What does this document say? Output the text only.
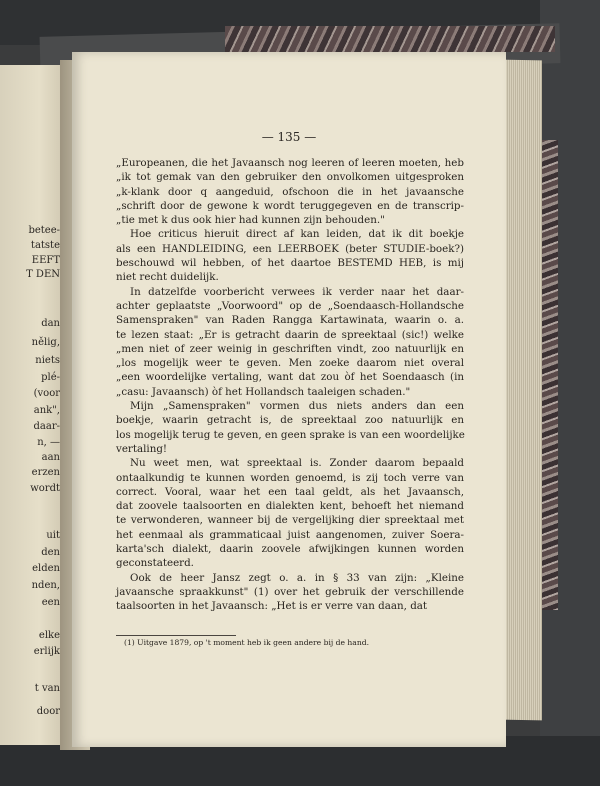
betee-
tatste
EEFT
T DEN
dan
nělig,
niets
plé-
(voor
ank",
daar-
n, —
aan
erzen
wordt
uit
den
elden
nden,
een
elke
erlijk
t van
door
— 135 —
„Europeanen, die het Javaansch nog leeren of leeren moeten, heb
„ik tot gemak van den gebruiker den onvolkomen uitgesproken
„k-klank door q aangeduid, ofschoon die in het javaansche
„schrift door de gewone k wordt teruggegeven en de transcrip-
„tie met k dus ook hier had kunnen zijn behouden."
Hoe criticus hieruit direct af kan leiden, dat ik dit boekje
als een HANDLEIDING, een LEERBOEK (beter STUDIE-boek?)
beschouwd wil hebben, of het daartoe BESTEMD HEB, is mij
niet recht duidelijk.
In datzelfde voorbericht verwees ik verder naar het daar-
achter geplaatste „Voorwoord" op de „Soendaasch-Hollandsche
Samenspraken" van Raden Rangga Kartawinata, waarin o. a.
te lezen staat: „Er is getracht daarin de spreektaal (sic!) welke
„men niet of zeer weinig in geschriften vindt, zoo natuurlijk en
„los mogelijk weer te geven. Men zoeke daarom niet overal
„een woordelijke vertaling, want dat zou òf het Soendaasch (in
„casu: Javaansch) òf het Hollandsch taaleigen schaden."
Mijn „Samenspraken" vormen dus niets anders dan een
boekje, waarin getracht is, de spreektaal zoo natuurlijk en
los mogelijk terug te geven, en geen sprake is van een woordelijke
vertaling!
Nu weet men, wat spreektaal is. Zonder daarom bepaald
ontaalkundig te kunnen worden genoemd, is zij toch verre van
correct. Vooral, waar het een taal geldt, als het Javaansch,
dat zoovele taalsoorten en dialekten kent, behoeft het niemand
te verwonderen, wanneer bij de vergelijking dier spreektaal met
het eenmaal als grammaticaal juist aangenomen, zuiver Soera-
karta'sch dialekt, daarin zoovele afwijkingen kunnen worden
geconstateerd.
Ook de heer Jansz zegt o. a. in § 33 van zijn: „Kleine
javaansche spraakkunst" (1) over het gebruik der verschillende
taalsoorten in het Javaansch: „Het is er verre van daan, dat
(1) Uitgave 1879, op 't moment heb ik geen andere bij de hand.
